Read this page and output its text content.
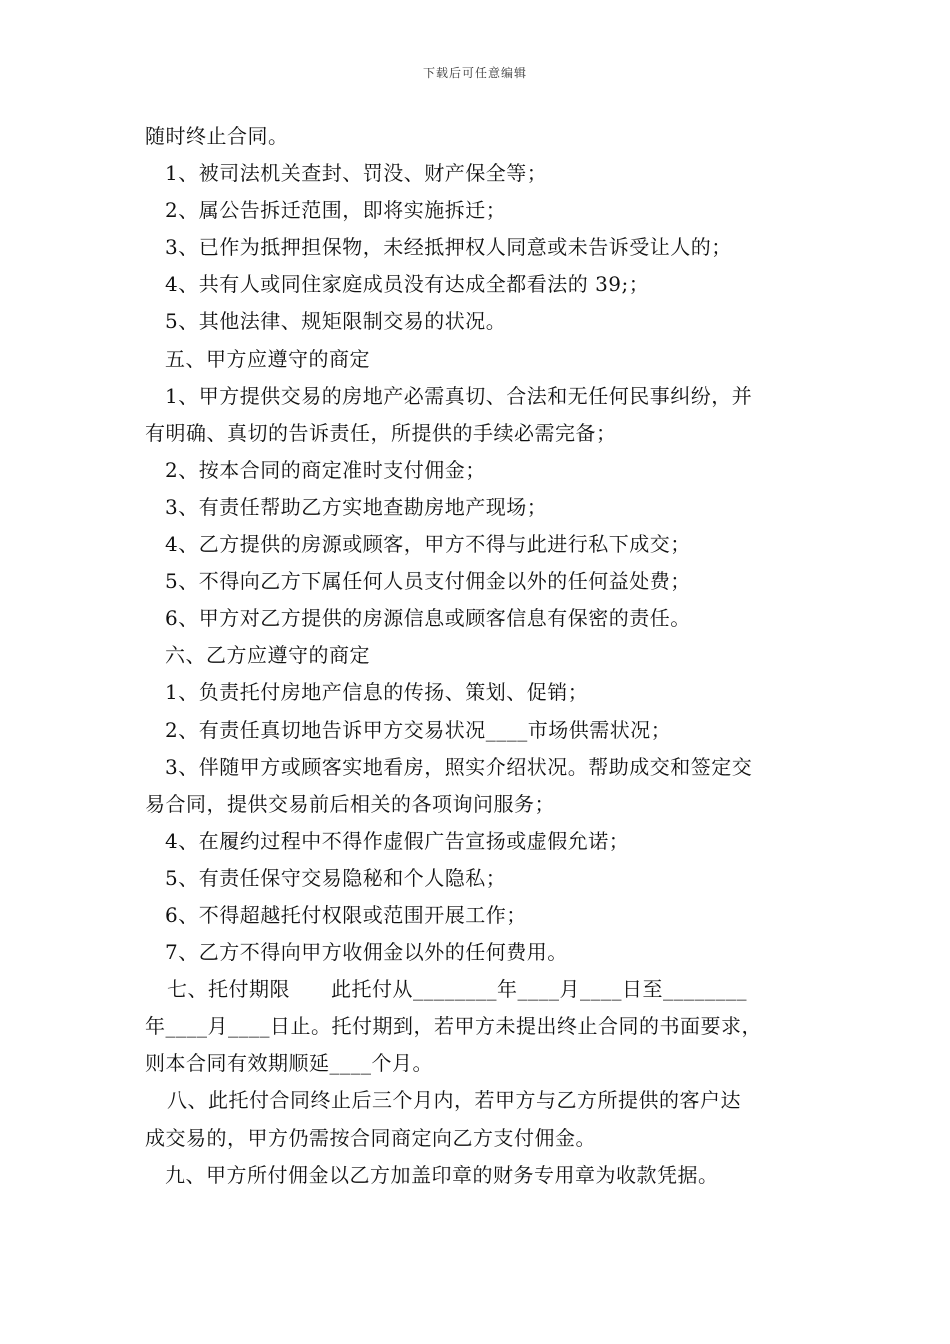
下载后可任意编辑
随时终止合同。
1、被司法机关查封、罚没、财产保全等；
2、属公告拆迁范围，即将实施拆迁；
3、已作为抵押担保物，未经抵押权人同意或未告诉受让人的；
4、共有人或同住家庭成员没有达成全都看法的 39;；
5、其他法律、规矩限制交易的状况。
五、甲方应遵守的商定
1、甲方提供交易的房地产必需真切、合法和无任何民事纠纷，并
有明确、真切的告诉责任，所提供的手续必需完备；
2、按本合同的商定准时支付佣金；
3、有责任帮助乙方实地查勘房地产现场；
4、乙方提供的房源或顾客，甲方不得与此进行私下成交；
5、不得向乙方下属任何人员支付佣金以外的任何益处费；
6、甲方对乙方提供的房源信息或顾客信息有保密的责任。
六、乙方应遵守的商定
1、负责托付房地产信息的传扬、策划、促销；
2、有责任真切地告诉甲方交易状况____市场供需状况；
3、伴随甲方或顾客实地看房，照实介绍状况。帮助成交和签定交
易合同，提供交易前后相关的各项询问服务；
4、在履约过程中不得作虚假广告宣扬或虚假允诺；
5、有责任保守交易隐秘和个人隐私；
6、不得超越托付权限或范围开展工作；
7、乙方不得向甲方收佣金以外的任何费用。
七、托付期限　　此托付从________年____月____日至________
年____月____日止。托付期到，若甲方未提出终止合同的书面要求，
则本合同有效期顺延____个月。
八、此托付合同终止后三个月内，若甲方与乙方所提供的客户达
成交易的，甲方仍需按合同商定向乙方支付佣金。
九、甲方所付佣金以乙方加盖印章的财务专用章为收款凭据。
